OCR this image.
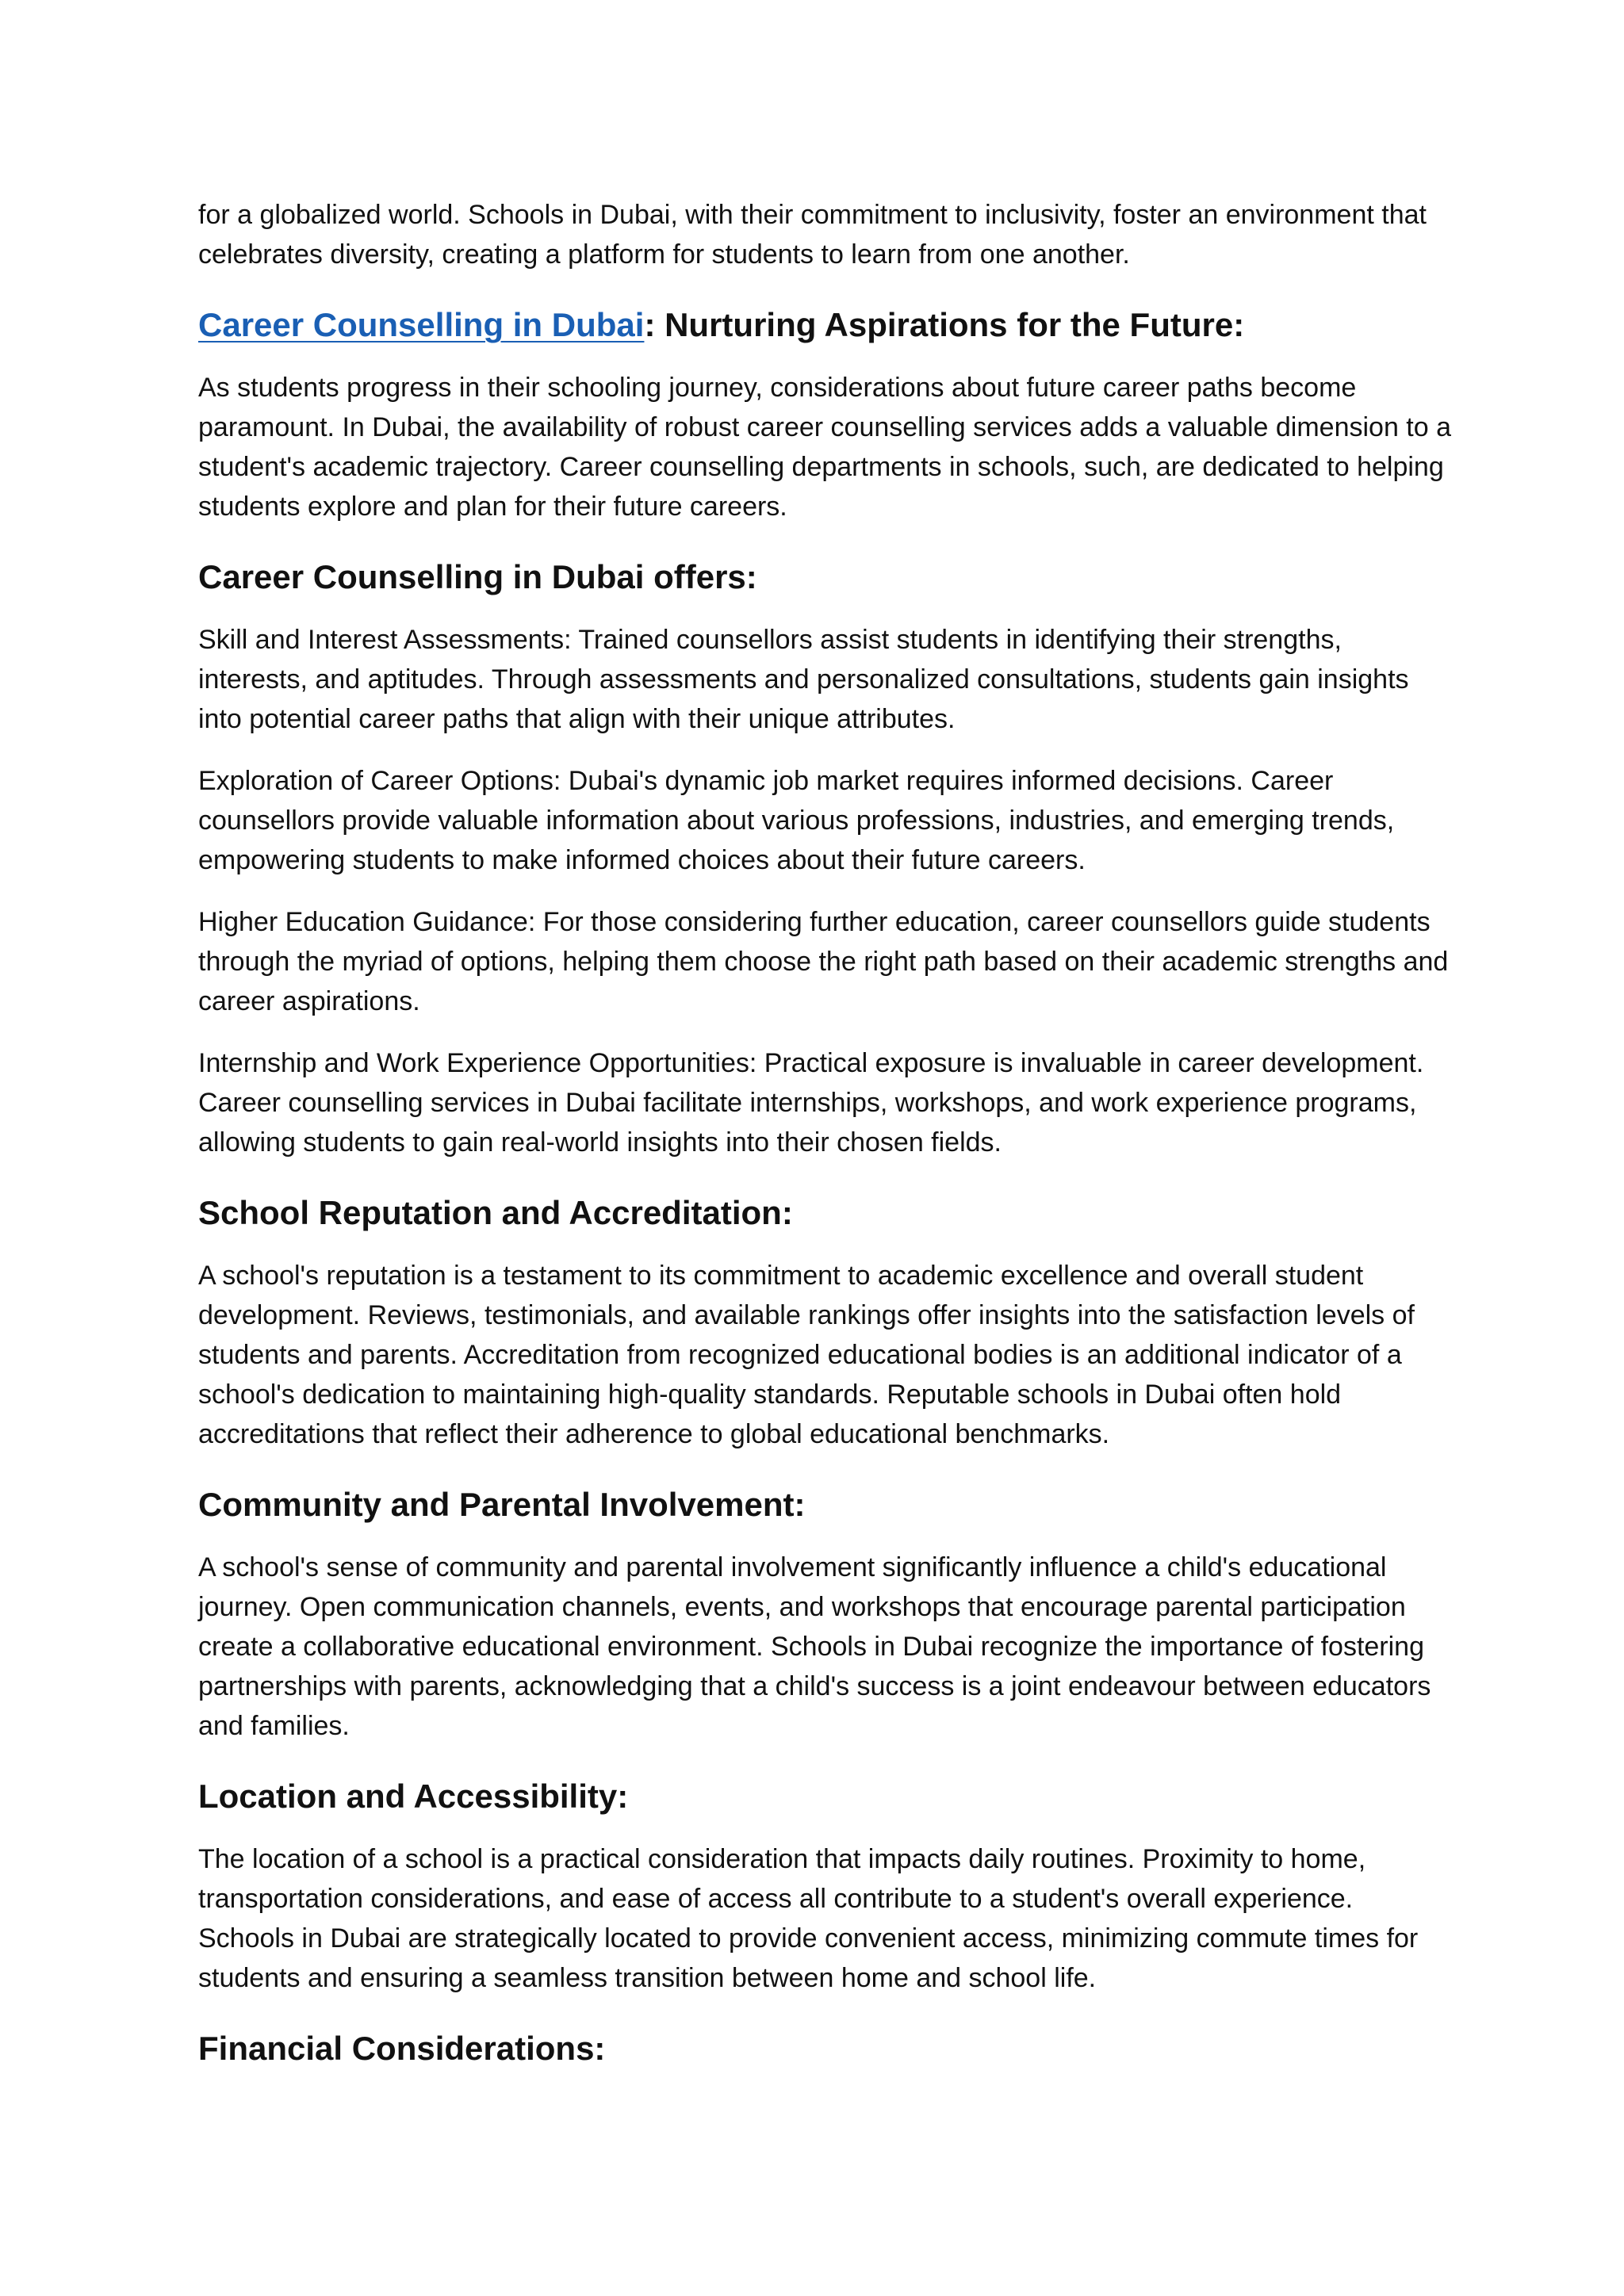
for a globalized world. Schools in Dubai, with their commitment to inclusivity, foster an environment that celebrates diversity, creating a platform for students to learn from one another.

Career Counselling in Dubai: Nurturing Aspirations for the Future:

As students progress in their schooling journey, considerations about future career paths become paramount. In Dubai, the availability of robust career counselling services adds a valuable dimension to a student's academic trajectory. Career counselling departments in schools, such, are dedicated to helping students explore and plan for their future careers.

Career Counselling in Dubai offers:

Skill and Interest Assessments: Trained counsellors assist students in identifying their strengths, interests, and aptitudes. Through assessments and personalized consultations, students gain insights into potential career paths that align with their unique attributes.

Exploration of Career Options: Dubai's dynamic job market requires informed decisions. Career counsellors provide valuable information about various professions, industries, and emerging trends, empowering students to make informed choices about their future careers.

Higher Education Guidance: For those considering further education, career counsellors guide students through the myriad of options, helping them choose the right path based on their academic strengths and career aspirations.

Internship and Work Experience Opportunities: Practical exposure is invaluable in career development. Career counselling services in Dubai facilitate internships, workshops, and work experience programs, allowing students to gain real-world insights into their chosen fields.

School Reputation and Accreditation:

A school's reputation is a testament to its commitment to academic excellence and overall student development. Reviews, testimonials, and available rankings offer insights into the satisfaction levels of students and parents. Accreditation from recognized educational bodies is an additional indicator of a school's dedication to maintaining high-quality standards. Reputable schools in Dubai often hold accreditations that reflect their adherence to global educational benchmarks.

Community and Parental Involvement:

A school's sense of community and parental involvement significantly influence a child's educational journey. Open communication channels, events, and workshops that encourage parental participation create a collaborative educational environment. Schools in Dubai recognize the importance of fostering partnerships with parents, acknowledging that a child's success is a joint endeavour between educators and families.

Location and Accessibility:

The location of a school is a practical consideration that impacts daily routines. Proximity to home, transportation considerations, and ease of access all contribute to a student's overall experience. Schools in Dubai are strategically located to provide convenient access, minimizing commute times for students and ensuring a seamless transition between home and school life.

Financial Considerations:
